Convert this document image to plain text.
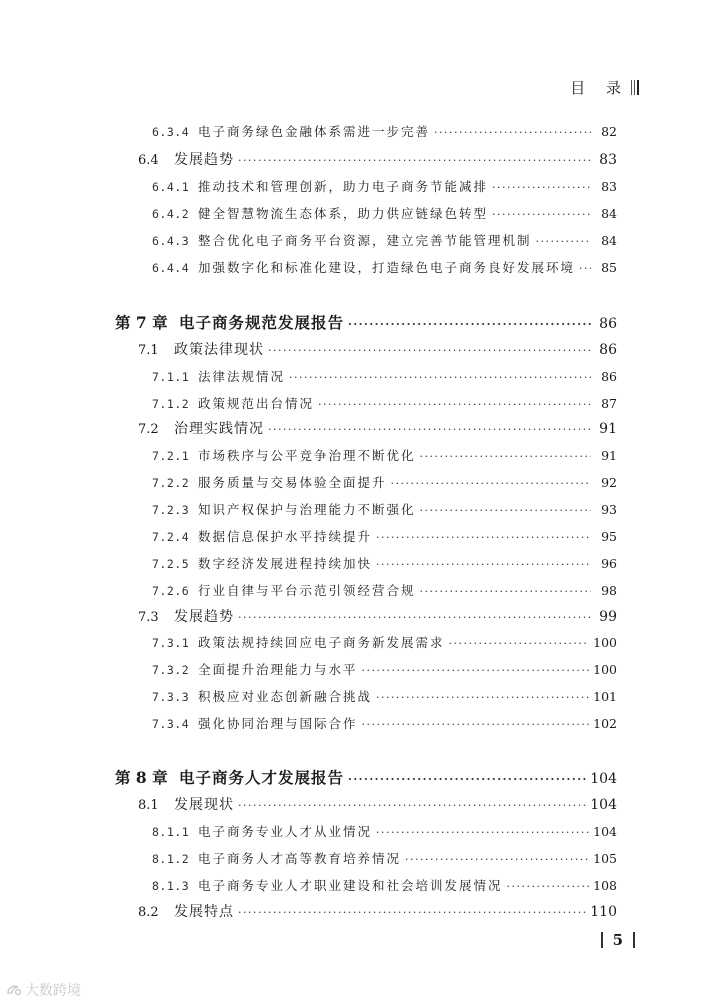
目 录
6.3.4 电子商务绿色金融体系需进一步完善 ·····	82
6.4	发展趋势 ·····	83
6.4.1 推动技术和管理创新，助力电子商务节能减排 ·····	83
6.4.2 健全智慧物流生态体系，助力供应链绿色转型 ·····	84
6.4.3 整合优化电子商务平台资源，建立完善节能管理机制 ·····	84
6.4.4 加强数字化和标准化建设，打造绿色电子商务良好发展环境 ·····	85
第 7 章 电子商务规范发展报告 ·····	86
7.1	政策法律现状 ·····	86
7.1.1 法律法规情况 ·····	86
7.1.2 政策规范出台情况 ·····	87
7.2	治理实践情况 ·····	91
7.2.1 市场秩序与公平竞争治理不断优化 ·····	91
7.2.2 服务质量与交易体验全面提升 ·····	92
7.2.3 知识产权保护与治理能力不断强化 ·····	93
7.2.4 数据信息保护水平持续提升 ·····	95
7.2.5 数字经济发展进程持续加快 ·····	96
7.2.6 行业自律与平台示范引领经营合规 ·····	98
7.3	发展趋势 ·····	99
7.3.1 政策法规持续回应电子商务新发展需求 ·····	100
7.3.2 全面提升治理能力与水平 ·····	100
7.3.3 积极应对业态创新融合挑战 ·····	101
7.3.4 强化协同治理与国际合作 ·····	102
第 8 章 电子商务人才发展报告 ·····	104
8.1	发展现状 ·····	104
8.1.1 电子商务专业人才从业情况 ·····	104
8.1.2 电子商务人才高等教育培养情况 ·····	105
8.1.3 电子商务专业人才职业建设和社会培训发展情况 ·····	108
8.2	发展特点 ·····	110
5
大数跨境
